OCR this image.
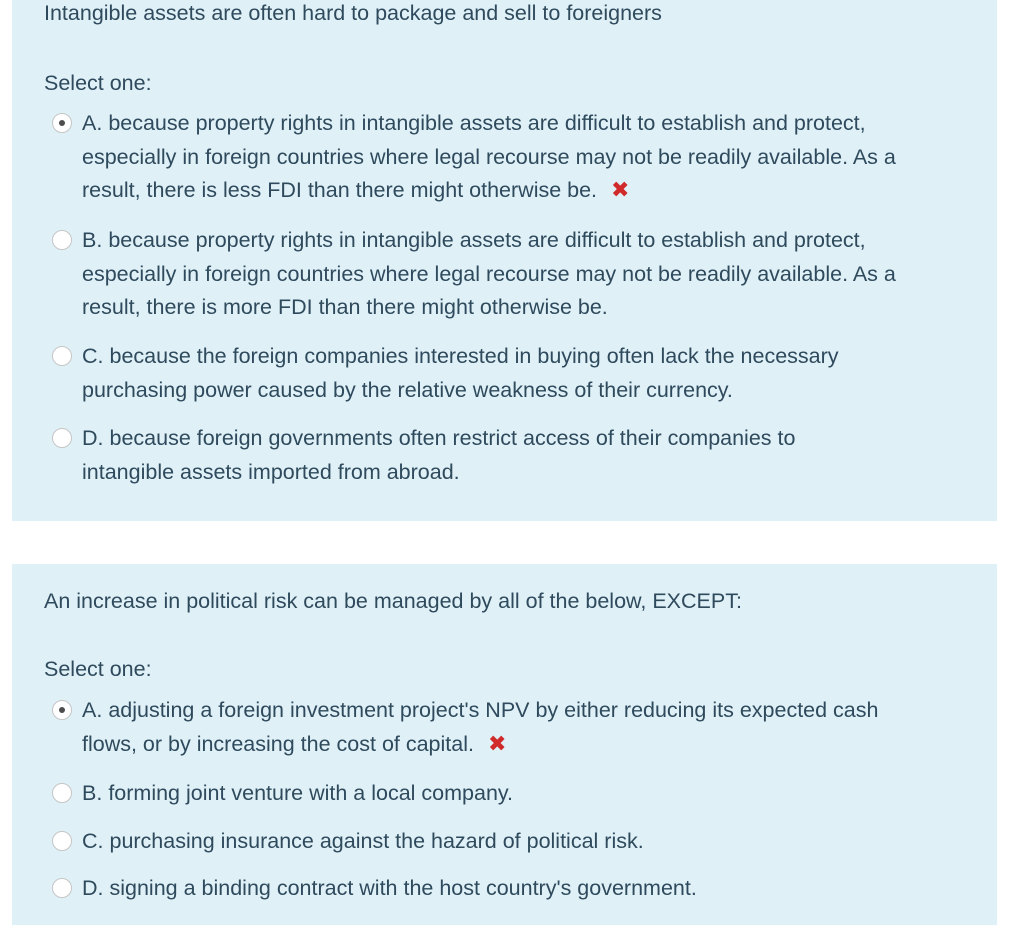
Intangible assets are often hard to package and sell to foreigners
Select one:
A. because property rights in intangible assets are difficult to establish and protect, especially in foreign countries where legal recourse may not be readily available. As a result, there is less FDI than there might otherwise be. ✖
B. because property rights in intangible assets are difficult to establish and protect, especially in foreign countries where legal recourse may not be readily available. As a result, there is more FDI than there might otherwise be.
C. because the foreign companies interested in buying often lack the necessary purchasing power caused by the relative weakness of their currency.
D. because foreign governments often restrict access of their companies to intangible assets imported from abroad.
An increase in political risk can be managed by all of the below, EXCEPT:
Select one:
A. adjusting a foreign investment project's NPV by either reducing its expected cash flows, or by increasing the cost of capital. ✖
B. forming joint venture with a local company.
C. purchasing insurance against the hazard of political risk.
D. signing a binding contract with the host country's government.
